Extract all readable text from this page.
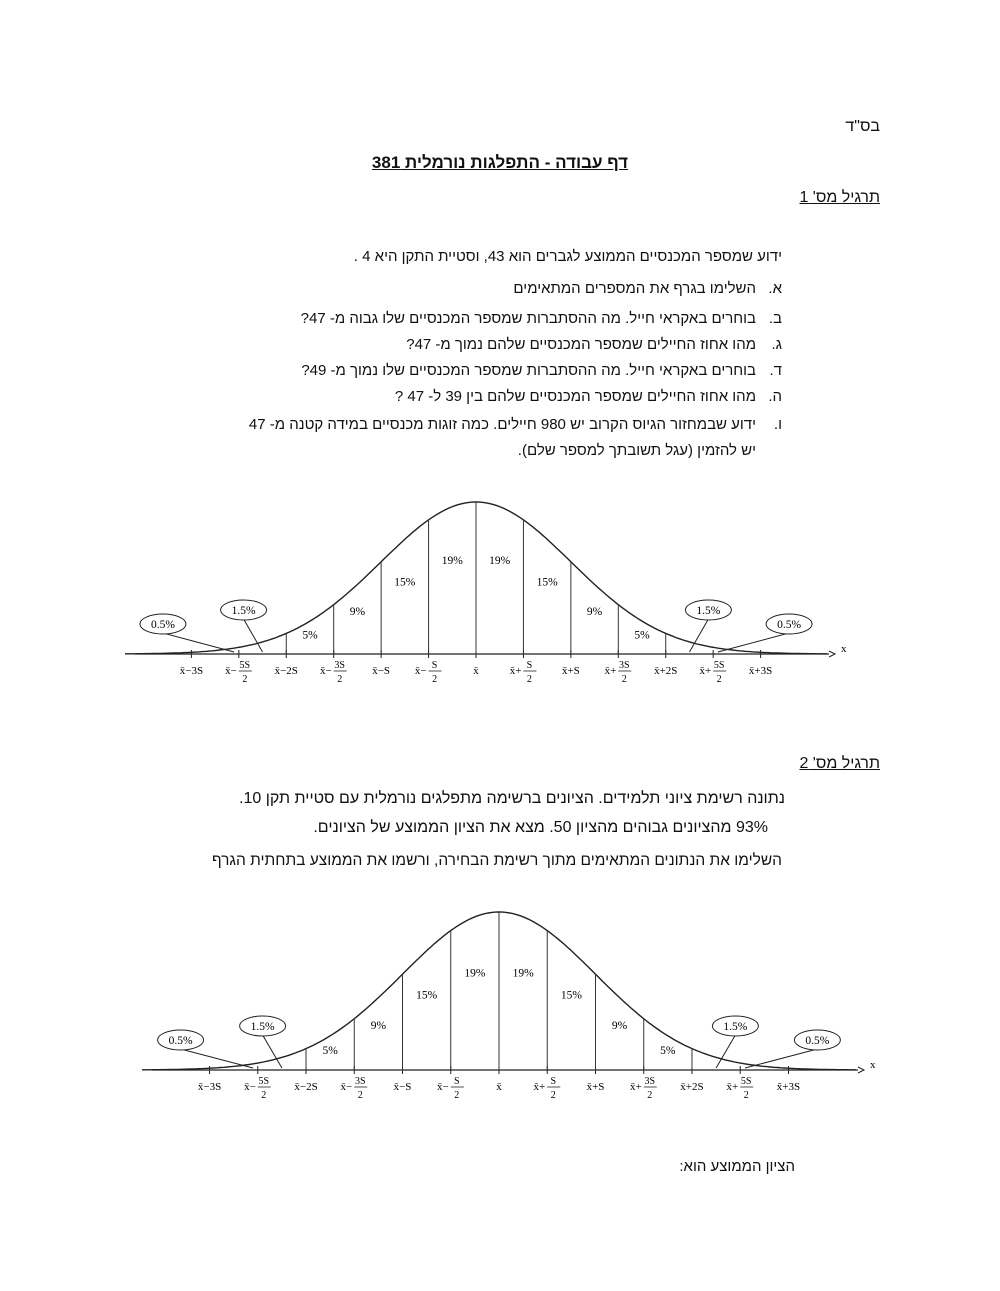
בס"ד
דף עבודה - התפלגות נורמלית 381
תרגיל מס' 1
ידוע שמספר המכנסיים הממוצע לגברים הוא 43, וסטיית התקן היא 4 .
א.
השלימו בגרף את המספרים המתאימים
ב.
בוחרים באקראי חייל. מה ההסתברות שמספר המכנסיים שלו גבוה מ- 47?
ג.
מהו אחוז החיילים שמספר המכנסיים שלהם נמוך מ- 47?
ד.
בוחרים באקראי חייל. מה ההסתברות שמספר המכנסיים שלו נמוך מ- 49?
ה.
מהו אחוז החיילים שמספר המכנסיים שלהם בין 39 ל- 47 ?
ו.
ידוע שבמחזור הגיוס הקרוב יש 980 חיילים. כמה זוגות מכנסיים במידה קטנה מ- 47
יש להזמין (עגל תשובתך למספר שלם).
x
x̄−3S x̄− 5S
2
x̄−2S x̄− 3S
2
x̄−S x̄− S
2
x̄	x̄+ S
2
x̄+S x̄+ 3S
2
x̄+2S x̄+ 5S
2
x̄+3S
5%
9%
15%
19% 19%
15%
9%
5%
0.5%
1.5%	1.5%
0.5%
תרגיל מס' 2
נתונה רשימת ציוני תלמידים. הציונים ברשימה מתפלגים נורמלית עם סטיית תקן 10.
93% מהציונים גבוהים מהציון 50. מצא את הציון הממוצע של הציונים.
השלימו את הנתונים המתאימים מתוך רשימת הבחירה, ורשמו את הממוצע בתחתית הגרף
x
x̄−3S x̄− 5S
2
x̄−2S x̄− 3S
2
x̄−S x̄− S
2
x̄	x̄+ S
2
x̄+S x̄+ 3S
2
x̄+2S x̄+ 5S
2
x̄+3S
5%
9%
15%
19% 19%
15%
9%
5%
0.5%
1.5%	1.5%
0.5%
הציון הממוצע הוא:
